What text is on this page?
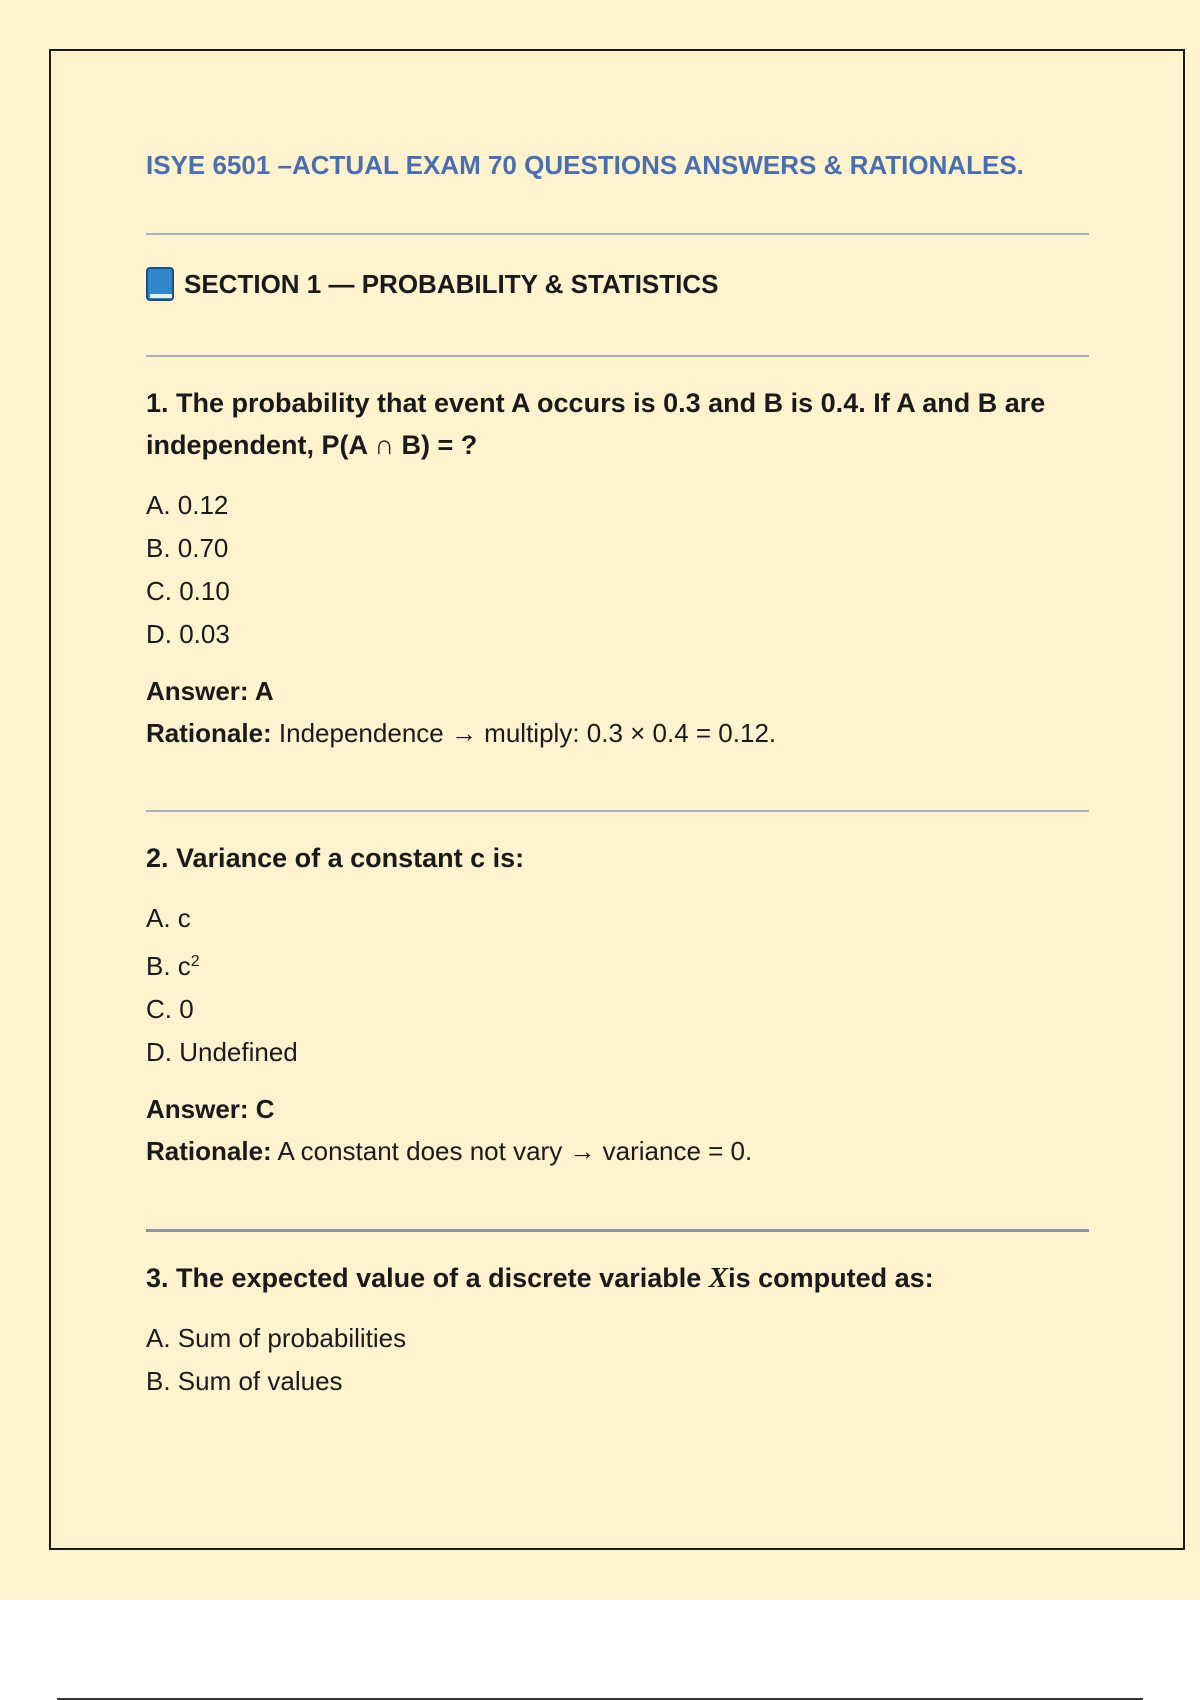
ISYE 6501 –ACTUAL EXAM 70 QUESTIONS ANSWERS & RATIONALES.
SECTION 1 — PROBABILITY & STATISTICS
1. The probability that event A occurs is 0.3 and B is 0.4. If A and B are
independent, P(A ∩ B) = ?
A. 0.12
B. 0.70
C. 0.10
D. 0.03
Answer: A
Rationale: Independence → multiply: 0.3 × 0.4 = 0.12.
2. Variance of a constant c is:
A. c
B. $c^2$
C. 0
D. Undefined
Answer: C
Rationale: A constant does not vary → variance = 0.
3. The expected value of a discrete variable Xis computed as:
A. Sum of probabilities
B. Sum of values
